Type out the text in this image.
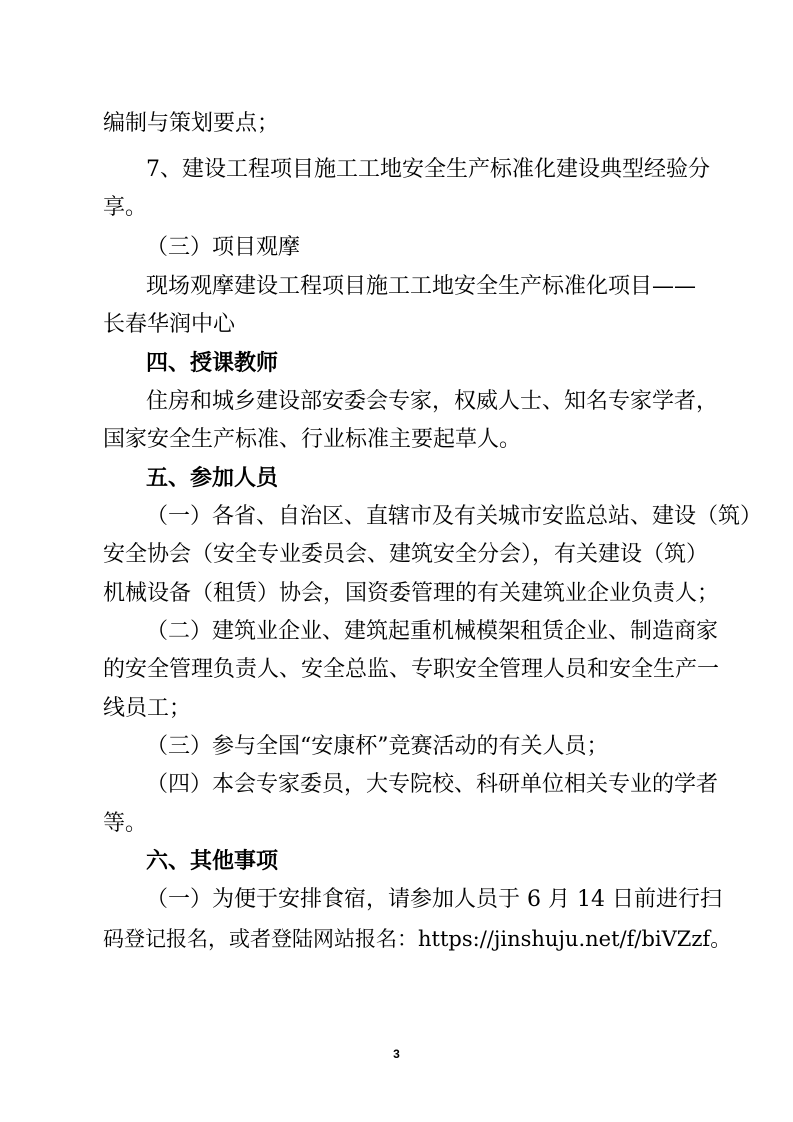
编制与策划要点；
7、建设工程项目施工工地安全生产标准化建设典型经验分
享。
（三）项目观摩
现场观摩建设工程项目施工工地安全生产标准化项目——
长春华润中心
四、授课教师
住房和城乡建设部安委会专家，权威人士、知名专家学者，
国家安全生产标准、行业标准主要起草人。
五、参加人员
（一）各省、自治区、直辖市及有关城市安监总站、建设（筑）
安全协会（安全专业委员会、建筑安全分会），有关建设（筑）
机械设备（租赁）协会，国资委管理的有关建筑业企业负责人；
（二）建筑业企业、建筑起重机械模架租赁企业、制造商家
的安全管理负责人、安全总监、专职安全管理人员和安全生产一
线员工；
（三）参与全国“安康杯”竞赛活动的有关人员；
（四）本会专家委员，大专院校、科研单位相关专业的学者
等。
六、其他事项
（一）为便于安排食宿，请参加人员于 6 月 14 日前进行扫
码登记报名，或者登陆网站报名：https://jinshuju.net/f/biVZzf。
3
